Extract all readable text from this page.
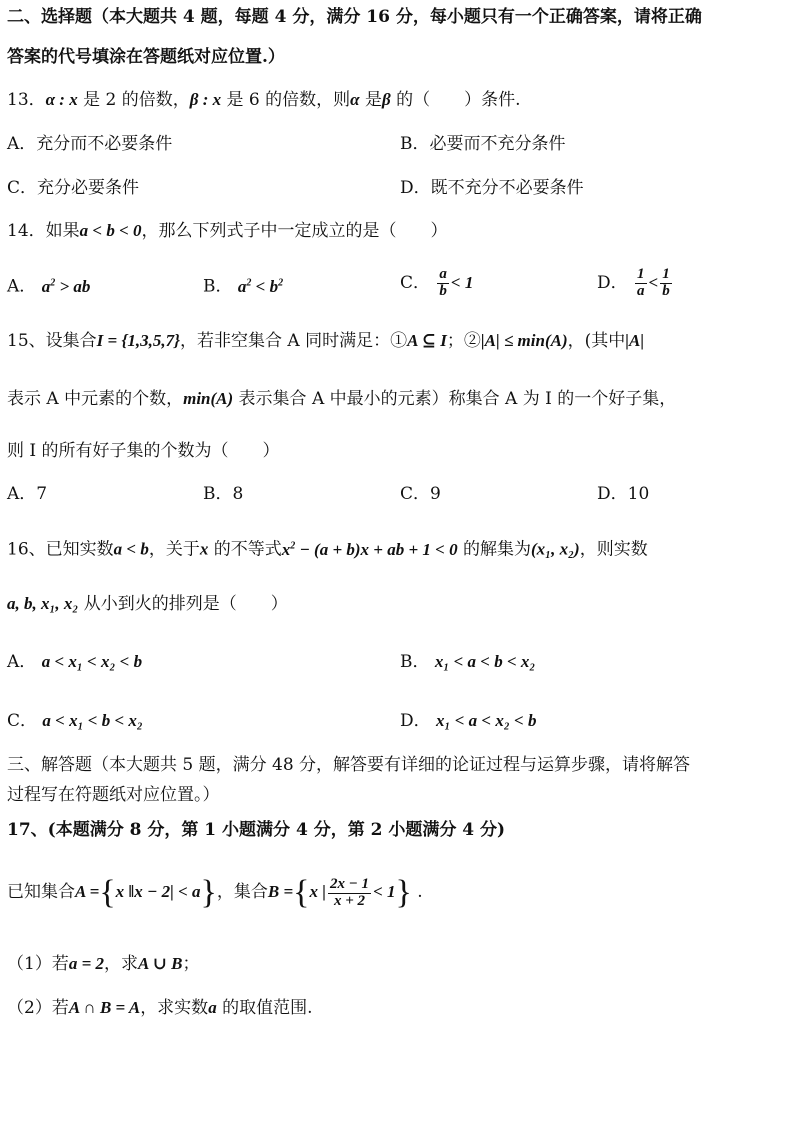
二、选择题（本大题共 4 题，每题 4 分，满分 16 分，每小题只有一个正确答案，请将正确
答案的代号填涂在答题纸对应位置.）
13．α : x 是 2 的倍数，β : x 是 6 的倍数，则α 是β 的（　　）条件.
A．充分而不必要条件	B．必要而不充分条件
C．充分必要条件	D．既不充分不必要条件
14．如果a < b < 0，那么下列式子中一定成立的是（　　）
A． $a^2$ > ab	B． $a^2 < b^2$	C． $\frac{a}{b} < 1$	D． $\frac{1}{a} < \frac{1}{b}$
15、设集合I = {1,3,5,7}，若非空集合 A 同时满足：①A ⊆ I；②|A| ≤ min(A)，(其中|A|
表示 A 中元素的个数，min(A) 表示集合 A 中最小的元素）称集合 A 为 I 的一个好子集，
则 I 的所有好子集的个数为（　　）
A．7	B．8	C．9	D．10
16、已知实数a < b，关于x 的不等式$x^2 - (a + b)x$ + ab + 1 < 0 的解集为(x₁, x₂)，则实数
a, b, x₁, x₂ 从小到火的排列是（　　）
A． a < x₁ < x₂ < b	B． x₁ < a < b < x₂
C． a < x₁ < b < x₂	D． x₁ < a < x₂ < b
三、解答题（本大题共 5 题，满分 48 分，解答要有详细的论证过程与运算步骤，请将解答
过程写在符题纸对应位置。）
17、(本题满分 8 分，第 1 小题满分 4 分，第 2 小题满分 4 分)
已知集合A ={x ‖x − 2| < a}，集合B ={x | $\frac{2x - 1}{x + 2} < 1$} .
（1）若a = 2，求A ∪ B；
（2）若A ∩ B = A，求实数a 的取值范围.
